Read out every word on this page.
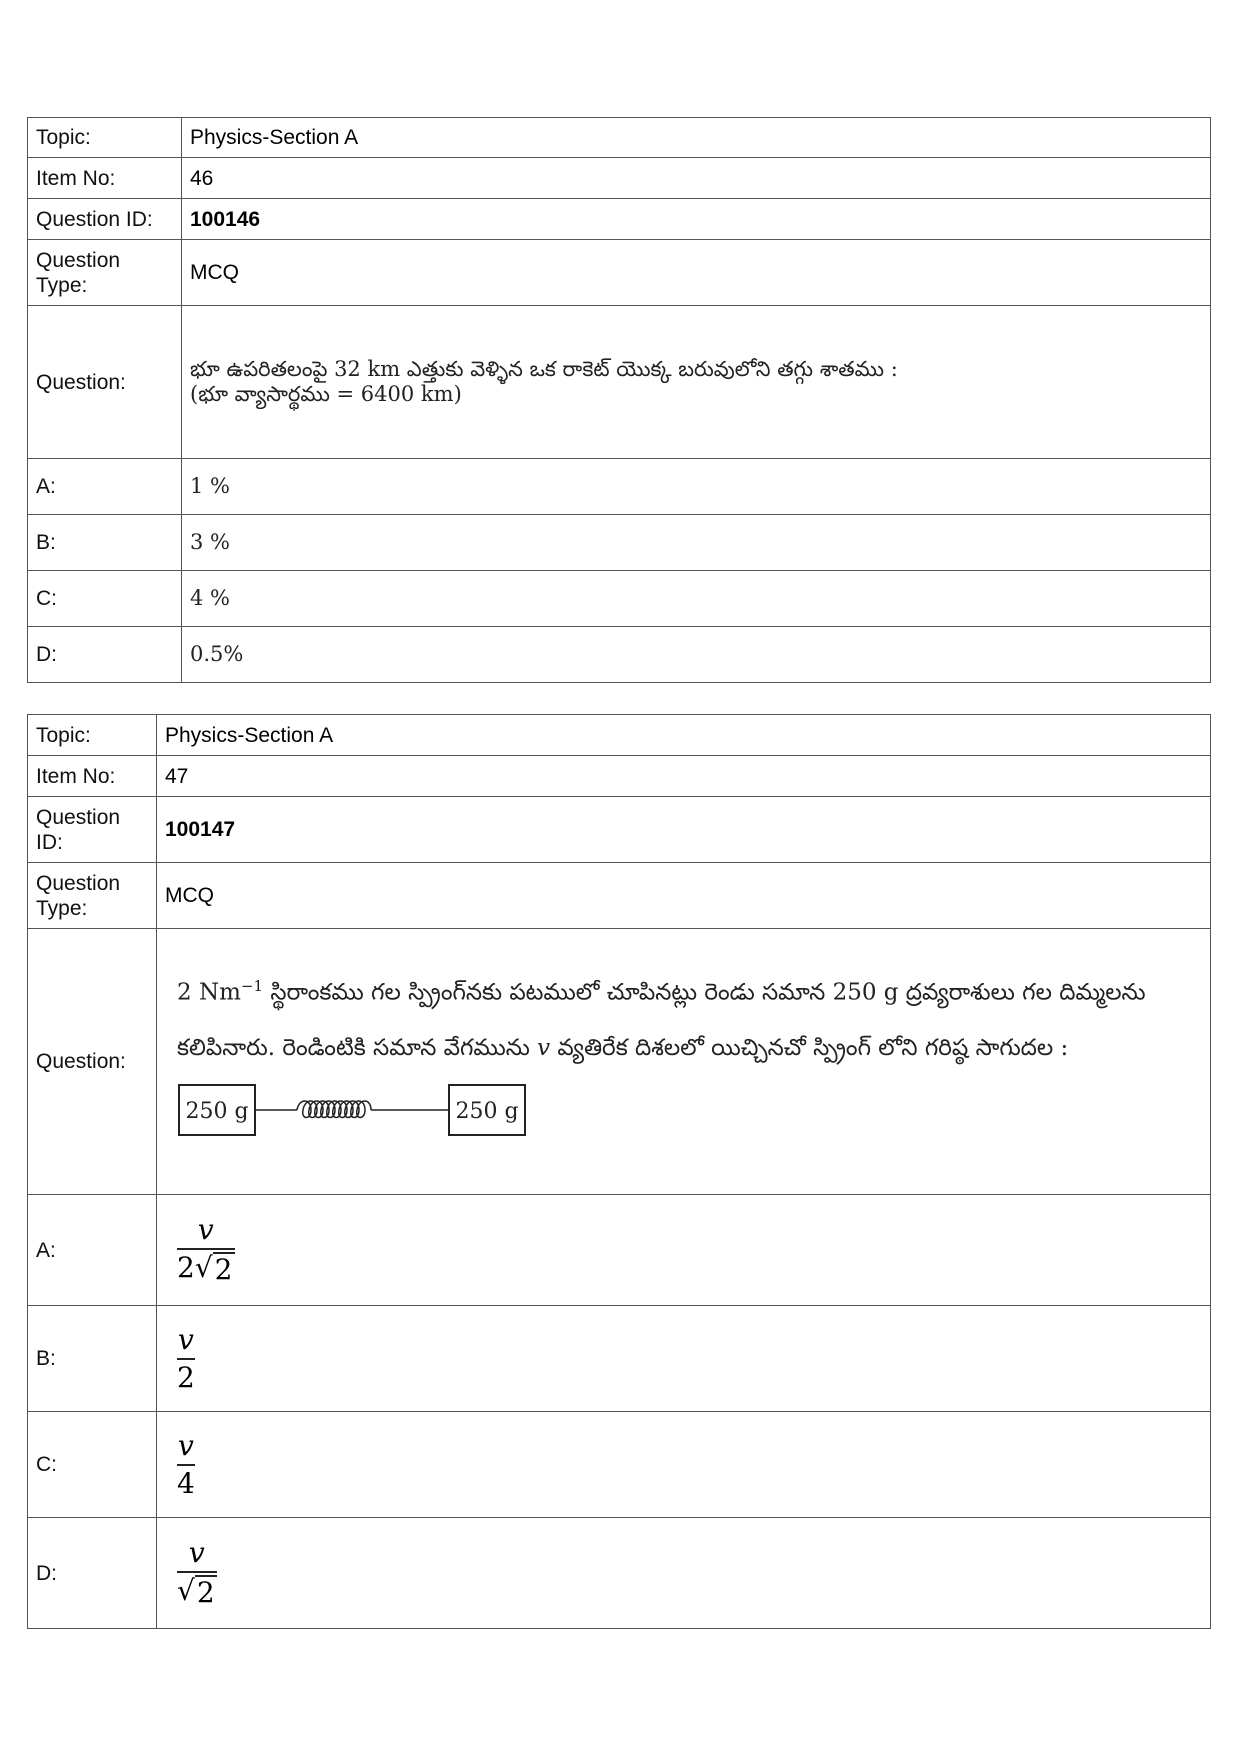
Topic:	Physics-Section A
Item No:	46
Question ID:	100146
Question Type:	MCQ
Question:	భూ ఉపరితలంపై 32 km ఎత్తుకు వెళ్ళిన ఒక రాకెట్ యొక్క బరువులోని తగ్గు శాతము :
(భూ వ్యాసార్థము = 6400 km)

A:	1 %
B:	3 %
C:	4 %
D:	0.5%
Topic:	Physics-Section A
Item No:	47
Question ID:	100147
Question Type:	MCQ
Question:	2 $Nm^{-1}$ స్థిరాంకము గల స్ప్రింగ్‌నకు పటములో చూపినట్లు రెండు సమాన 250 g ద్రవ్యరాశులు గల దిమ్మలను కలిపినారు. రెండింటికి సమాన వేగమును v వ్యతిరేక దిశలలో యిచ్చినచో స్ప్రింగ్ లోని గరిష్ఠ సాగుదల :
250 g 250 g

A:	$\frac{v}{2√ 2}$

B:	$\frac{v}{2}$

C:	$\frac{v}{4}$

D:	$\frac{v}{√ 2}$
